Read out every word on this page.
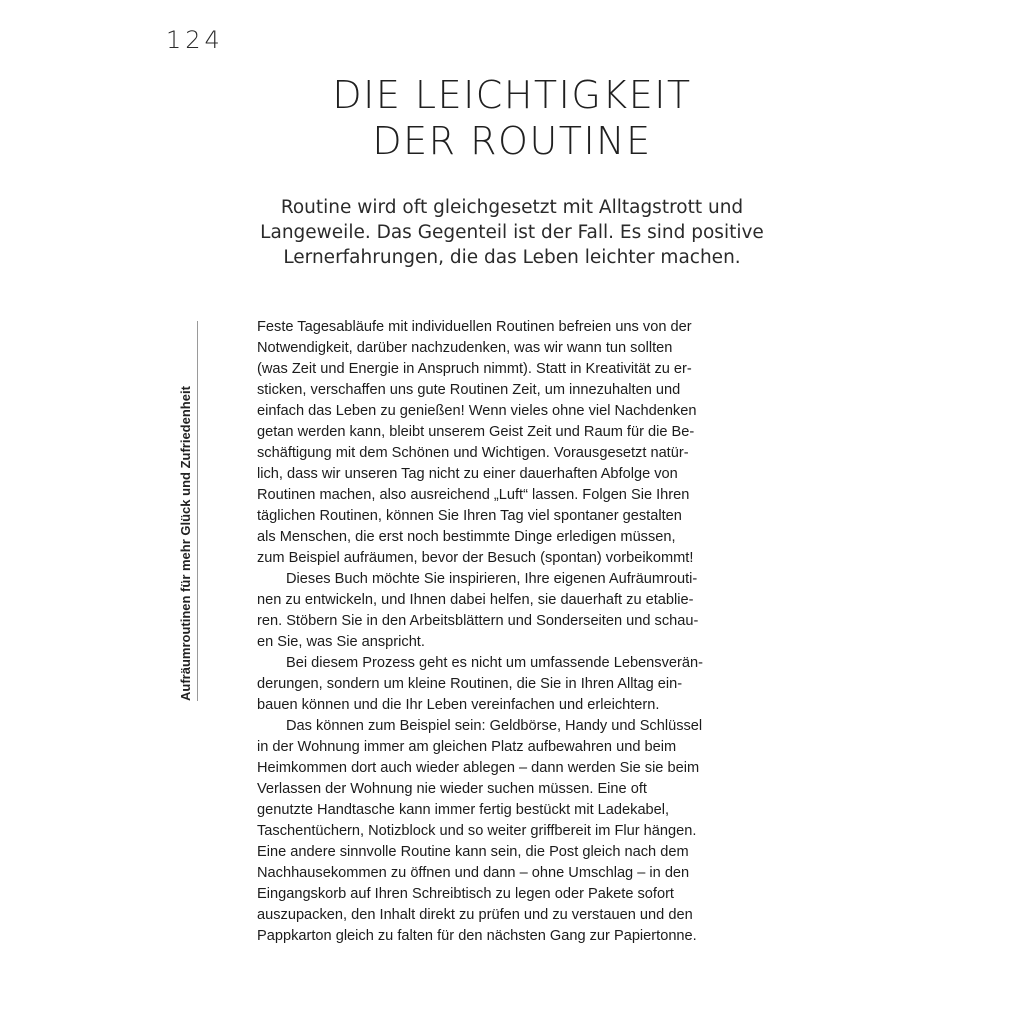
124
DIE LEICHTIGKEIT
DER ROUTINE

Routine wird oft gleichgesetzt mit Alltagstrott und
Langeweile. Das Gegenteil ist der Fall. Es sind positive
Lernerfahrungen, die das Leben leichter machen.

Aufräumroutinen für mehr Glück und Zufriedenheit
Feste Tagesabläufe mit individuellen Routinen befreien uns von der
Notwendigkeit, darüber nachzudenken, was wir wann tun sollten
(was Zeit und Energie in Anspruch nimmt). Statt in Kreativität zu er-
sticken, verschaffen uns gute Routinen Zeit, um innezuhalten und
einfach das Leben zu genießen! Wenn vieles ohne viel Nachdenken
getan werden kann, bleibt unserem Geist Zeit und Raum für die Be-
schäftigung mit dem Schönen und Wichtigen. Vorausgesetzt natür-
lich, dass wir unseren Tag nicht zu einer dauerhaften Abfolge von
Routinen machen, also ausreichend „Luft“ lassen. Folgen Sie Ihren
täglichen Routinen, können Sie Ihren Tag viel spontaner gestalten
als Menschen, die erst noch bestimmte Dinge erledigen müssen,
zum Beispiel aufräumen, bevor der Besuch (spontan) vorbeikommt!
Dieses Buch möchte Sie inspirieren, Ihre eigenen Aufräumrouti-
nen zu entwickeln, und Ihnen dabei helfen, sie dauerhaft zu etablie-
ren. Stöbern Sie in den Arbeitsblättern und Sonderseiten und schau-
en Sie, was Sie anspricht.
Bei diesem Prozess geht es nicht um umfassende Lebensverän-
derungen, sondern um kleine Routinen, die Sie in Ihren Alltag ein-
bauen können und die Ihr Leben vereinfachen und erleichtern.
Das können zum Beispiel sein: Geldbörse, Handy und Schlüssel
in der Wohnung immer am gleichen Platz aufbewahren und beim
Heimkommen dort auch wieder ablegen – dann werden Sie sie beim
Verlassen der Wohnung nie wieder suchen müssen. Eine oft
genutzte Handtasche kann immer fertig bestückt mit Ladekabel,
Taschentüchern, Notizblock und so weiter griffbereit im Flur hängen.
Eine andere sinnvolle Routine kann sein, die Post gleich nach dem
Nachhausekommen zu öffnen und dann – ohne Umschlag – in den
Eingangskorb auf Ihren Schreibtisch zu legen oder Pakete sofort
auszupacken, den Inhalt direkt zu prüfen und zu verstauen und den
Pappkarton gleich zu falten für den nächsten Gang zur Papiertonne.
